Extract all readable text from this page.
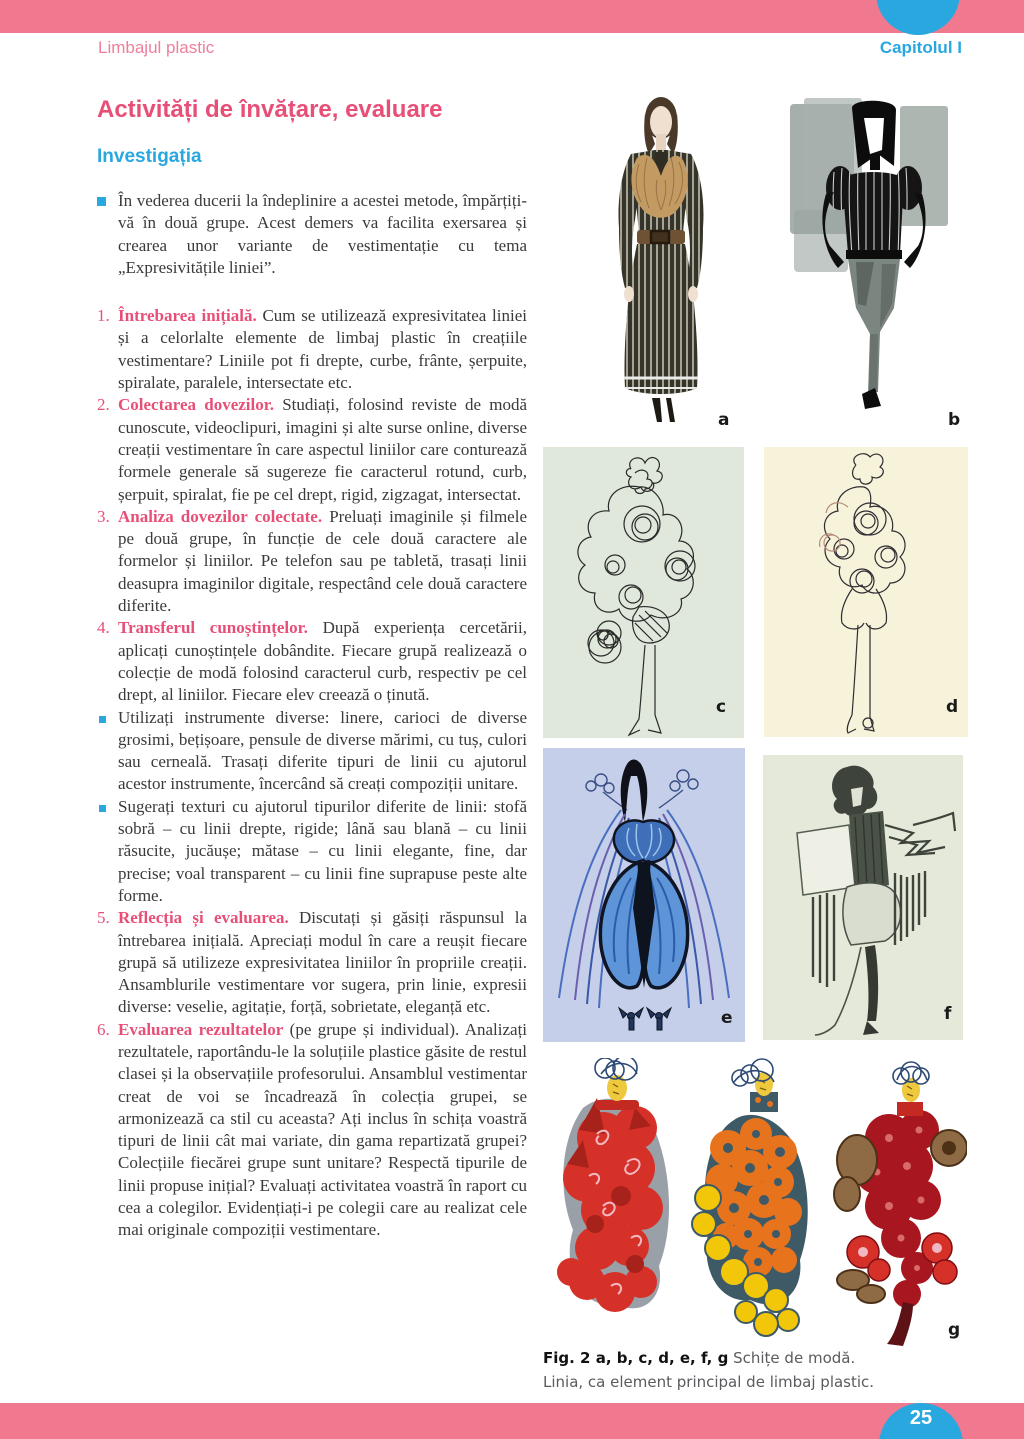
Limbajul plastic	Capitolul I
Activități de învățare, evaluare
Investigația
În vederea ducerii la îndeplinire a acestei metode, împărțiți-vă în două grupe. Acest demers va facilita exersarea și crearea unor variante de vestimentație cu tema „Expresivitățile liniei”.
1. Întrebarea inițială. Cum se utilizează expresivitatea liniei și a celorlalte elemente de limbaj plastic în creațiile vestimentare? Liniile pot fi drepte, curbe, frânte, șerpuite, spiralate, paralele, intersectate etc.
2. Colectarea dovezilor. Studiați, folosind reviste de modă cunoscute, videoclipuri, imagini și alte surse online, diverse creații vestimentare în care aspectul liniilor care conturează formele generale să sugereze fie caracterul rotund, curb, șerpuit, spiralat, fie pe cel drept, rigid, zigzagat, intersectat.
3. Analiza dovezilor colectate. Preluați imaginile și filmele pe două grupe, în funcție de cele două caractere ale formelor și liniilor. Pe telefon sau pe tabletă, trasați linii deasupra imaginilor digitale, respectând cele două caractere diferite.
4. Transferul cunoștințelor. După experiența cercetării, aplicați cunoștințele dobândite. Fiecare grupă realizează o colecție de modă folosind caracterul curb, respectiv pe cel drept, al liniilor. Fiecare elev creează o ținută.
Utilizați instrumente diverse: linere, carioci de diverse grosimi, bețișoare, pensule de diverse mărimi, cu tuș, culori sau cerneală. Trasați diferite tipuri de linii cu ajutorul acestor instrumente, încercând să creați compoziții unitare.
Sugerați texturi cu ajutorul tipurilor diferite de linii: stofă sobră – cu linii drepte, rigide; lână sau blană – cu linii răsucite, jucăușe; mătase – cu linii elegante, fine, dar precise; voal transparent – cu linii fine suprapuse peste alte forme.
5. Reflecția și evaluarea. Discutați și găsiți răspunsul la întrebarea inițială. Apreciați modul în care a reușit fiecare grupă să utilizeze expresivitatea liniilor în propriile creații. Ansamblurile vestimentare vor sugera, prin linie, expresii diverse: veselie, agitație, forță, sobrietate, eleganță etc.
6. Evaluarea rezultatelor (pe grupe și individual). Analizați rezultatele, raportându-le la soluțiile plastice găsite de restul clasei și la observațiile profesorului. Ansamblul vestimentar creat de voi se încadrează în colecția grupei, se armonizează ca stil cu aceasta? Ați inclus în schița voastră tipuri de linii cât mai variate, din gama repartizată grupei? Colecțiile fiecărei grupe sunt unitare? Respectă tipurile de linii propuse inițial? Evaluați activitatea voastră în raport cu cea a colegilor. Evidențiați-i pe colegii care au realizat cele mai originale compoziții vestimentare.
a	b
c	d
e	f
g
Fig. 2 a, b, c, d, e, f, g Schițe de modă.
Linia, ca element principal de limbaj plastic.
25
